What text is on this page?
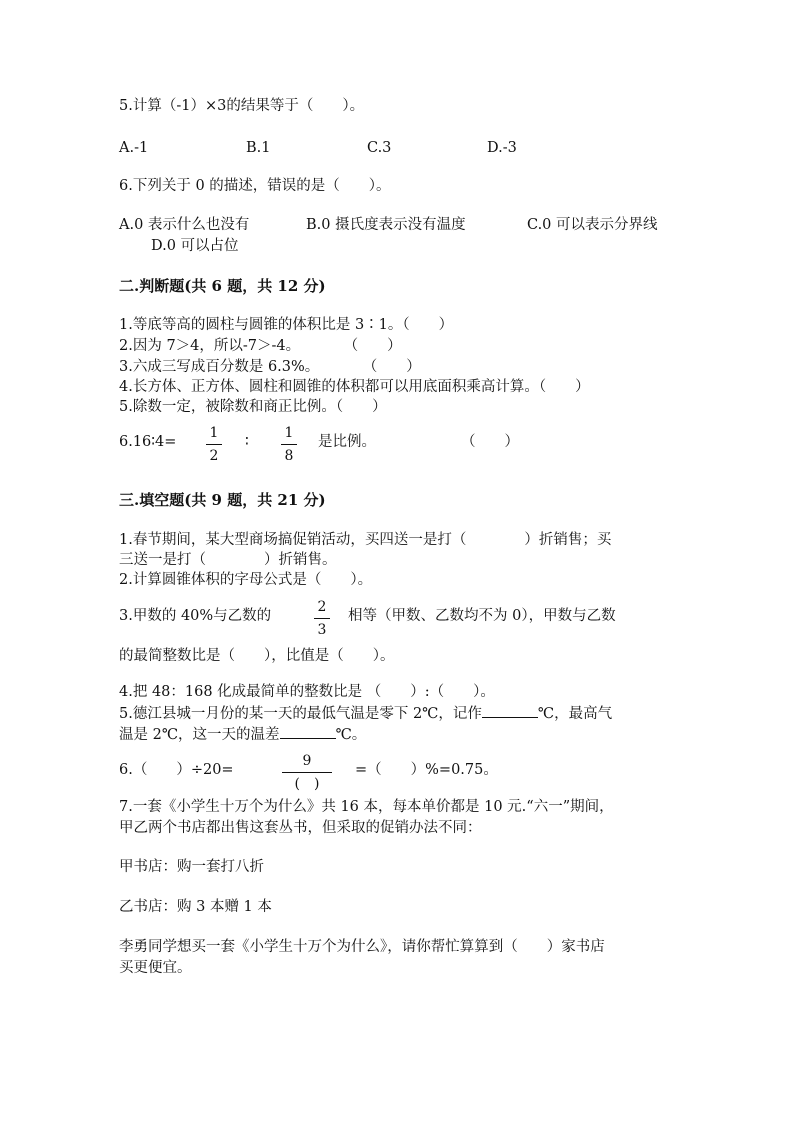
5.计算（-1）×3的结果等于（　　）。
A.-1	B.1	C.3	D.-3
6.下列关于 0 的描述，错误的是（　　）。
A.0 表示什么也没有	B.0 摄氏度表示没有温度	C.0 可以表示分界线
D.0 可以占位
二.判断题(共 6 题，共 12 分)
1.等底等高的圆柱与圆锥的体积比是 3∶1。（　　）
2.因为 7＞4，所以-7＞-4。　　　　（　　）
3.六成三写成百分数是 6.3%。　　　　（　　）
4.长方体、正方体、圆柱和圆锥的体积都可以用底面积乘高计算。（　　）
5.除数一定，被除数和商正比例。（　　）
6.16∶4=
1
2
∶
1
8
是比例。	（　　）
三.填空题(共 9 题，共 21 分)
1.春节期间，某大型商场搞促销活动，买四送一是打（　　　　）折销售；买
三送一是打（　　　　）折销售。
2.计算圆锥体积的字母公式是（　　）。
3.甲数的 40%与乙数的
2
3
相等（甲数、乙数均不为 0），甲数与乙数
的最简整数比是（　　），比值是（　　）。
4.把 48：168 化成最简单的整数比是 （　　）:（　　）。
5.德江县城一月份的某一天的最低气温是零下 2℃，记作	℃，最高气
温是 2℃，这一天的温差	℃。
6.（　　）÷20=
9
(　)
=（　　）%=0.75。
7.一套《小学生十万个为什么》共 16 本，每本单价都是 10 元.“六一”期间，
甲乙两个书店都出售这套丛书，但采取的促销办法不同：
甲书店：购一套打八折
乙书店：购 3 本赠 1 本
李勇同学想买一套《小学生十万个为什么》，请你帮忙算算到（　　）家书店
买更便宜。
